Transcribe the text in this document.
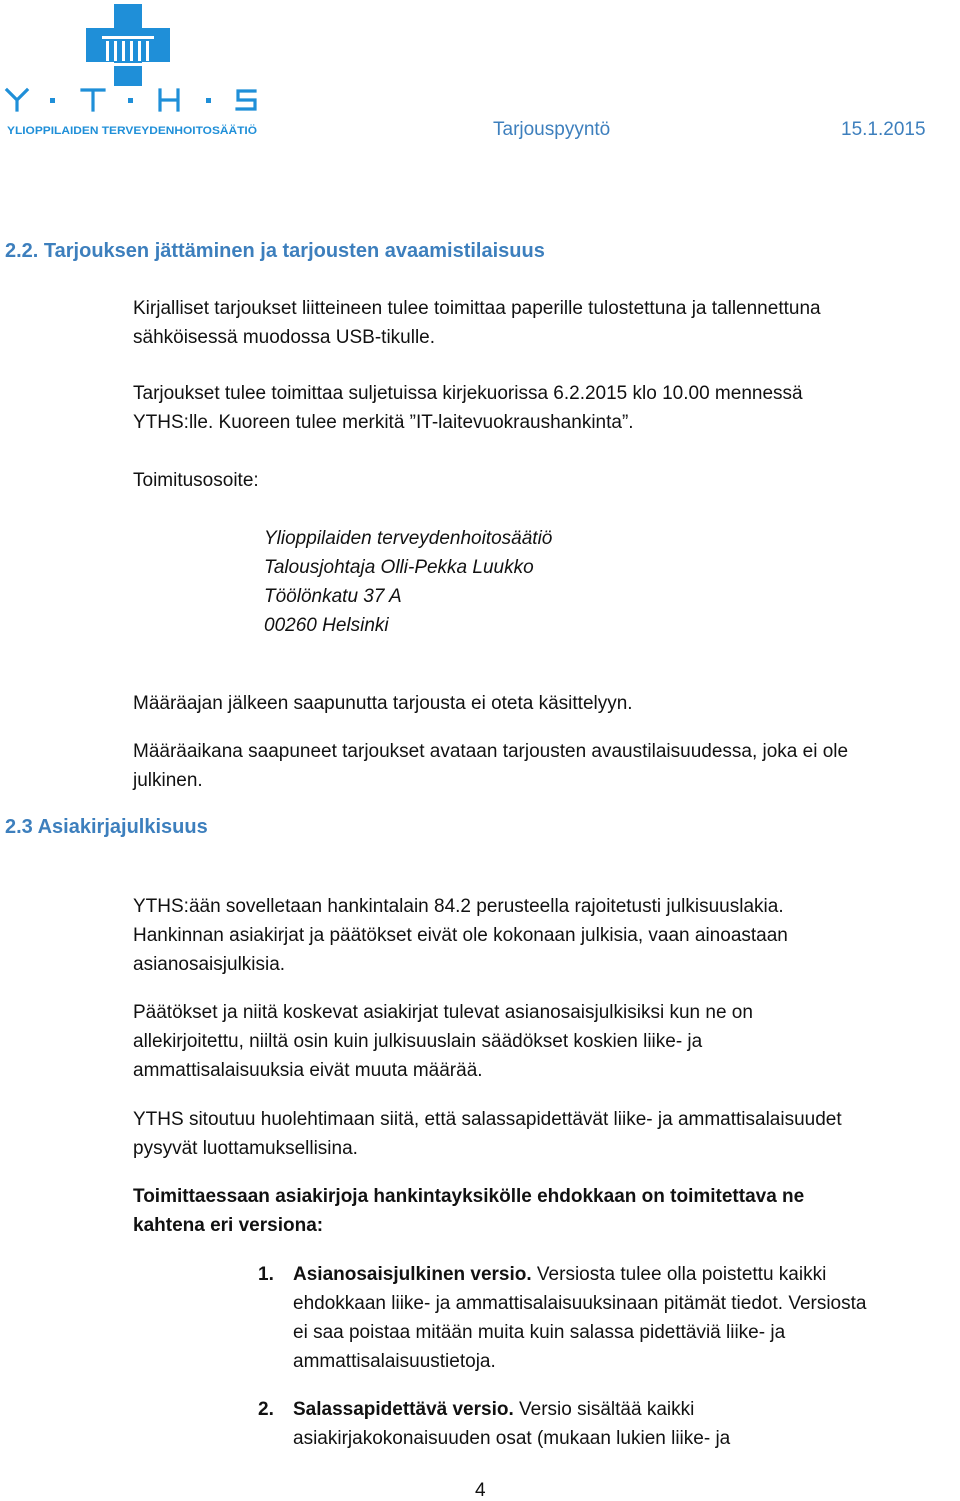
YLIOPPILAIDEN TERVEYDENHOITOSÄÄTIÖ	Tarjouspyyntö	15.1.2015
2.2. Tarjouksen jättäminen ja tarjousten avaamistilaisuus
Kirjalliset tarjoukset liitteineen tulee toimittaa paperille tulostettuna ja tallennettuna
sähköisessä muodossa USB-tikulle.
Tarjoukset tulee toimittaa suljetuissa kirjekuorissa 6.2.2015 klo 10.00 mennessä
YTHS:lle. Kuoreen tulee merkitä ”IT-laitevuokraushankinta”.
Toimitusosoite:
Ylioppilaiden terveydenhoitosäätiö
Talousjohtaja Olli-Pekka Luukko
Töölönkatu 37 A
00260 Helsinki
Määräajan jälkeen saapunutta tarjousta ei oteta käsittelyyn.
Määräaikana saapuneet tarjoukset avataan tarjousten avaustilaisuudessa, joka ei ole
julkinen.
2.3 Asiakirjajulkisuus
YTHS:ään sovelletaan hankintalain 84.2 perusteella rajoitetusti julkisuuslakia.
Hankinnan asiakirjat ja päätökset eivät ole kokonaan julkisia, vaan ainoastaan
asianosaisjulkisia.
Päätökset ja niitä koskevat asiakirjat tulevat asianosaisjulkisiksi kun ne on
allekirjoitettu, niiltä osin kuin julkisuuslain säädökset koskien liike- ja
ammattisalaisuuksia eivät muuta määrää.
YTHS sitoutuu huolehtimaan siitä, että salassapidettävät liike- ja ammattisalaisuudet
pysyvät luottamuksellisina.
Toimittaessaan asiakirjoja hankintayksikölle ehdokkaan on toimitettava ne
kahtena eri versiona:
1. Asianosaisjulkinen versio. Versiosta tulee olla poistettu kaikki
ehdokkaan liike- ja ammattisalaisuuksinaan pitämät tiedot. Versiosta
ei saa poistaa mitään muita kuin salassa pidettäviä liike- ja
ammattisalaisuustietoja.
2. Salassapidettävä versio. Versio sisältää kaikki
asiakirjakokonaisuuden osat (mukaan lukien liike- ja
4
